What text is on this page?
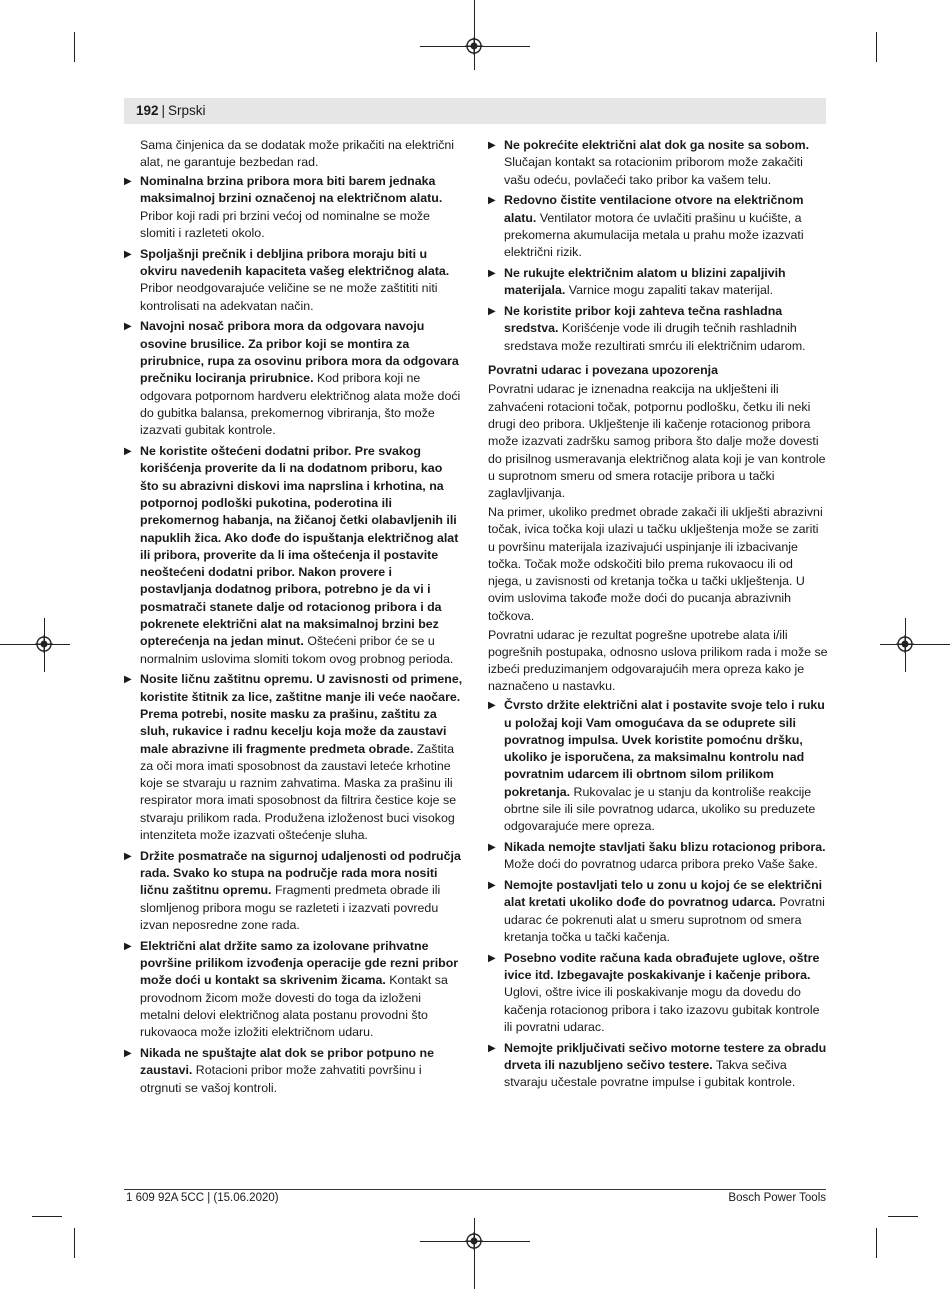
192 | Srpski
Sama činjenica da se dodatak može prikačiti na električni alat, ne garantuje bezbedan rad.
▶ Nominalna brzina pribora mora biti barem jednaka maksimalnoj brzini označenoj na električnom alatu. Pribor koji radi pri brzini većoj od nominalne se može slomiti i razleteti okolo.
▶ Spoljašnji prečnik i debljina pribora moraju biti u okviru navedenih kapaciteta vašeg električnog alata. Pribor neodgovarajuće veličine se ne može zaštititi niti kontrolisati na adekvatan način.
▶ Navojni nosač pribora mora da odgovara navoju osovine brusilice. Za pribor koji se montira za prirubnice, rupa za osovinu pribora mora da odgovara prečniku lociranja prirubnice. Kod pribora koji ne odgovara potpornom hardveru električnog alata može doći do gubitka balansa, prekomernog vibriranja, što može izazvati gubitak kontrole.
▶ Ne koristite oštećeni dodatni pribor. Pre svakog korišćenja proverite da li na dodatnom priboru, kao što su abrazivni diskovi ima naprslina i krhotina, na potpornoj podloški pukotina, poderotina ili prekomernog habanja, na žičanoj četki olabavljenih ili napuklih žica. Ako dođe do ispuštanja električnog alat ili pribora, proverite da li ima oštećenja il postavite neoštećeni dodatni pribor. Nakon provere i postavljanja dodatnog pribora, potrebno je da vi i posmatrači stanete dalje od rotacionog pribora i da pokrenete električni alat na maksimalnoj brzini bez opterećenja na jedan minut. Oštećeni pribor će se u normalnim uslovima slomiti tokom ovog probnog perioda.
▶ Nosite ličnu zaštitnu opremu. U zavisnosti od primene, koristite štitnik za lice, zaštitne manje ili veće naočare. Prema potrebi, nosite masku za prašinu, zaštitu za sluh, rukavice i radnu kecelju koja može da zaustavi male abrazivne ili fragmente predmeta obrade. Zaštita za oči mora imati sposobnost da zaustavi leteće krhotine koje se stvaraju u raznim zahvatima. Maska za prašinu ili respirator mora imati sposobnost da filtrira čestice koje se stvaraju prilikom rada. Produžena izloženost buci visokog intenziteta može izazvati oštećenje sluha.
▶ Držite posmatrače na sigurnoj udaljenosti od područja rada. Svako ko stupa na područje rada mora nositi ličnu zaštitnu opremu. Fragmenti predmeta obrade ili slomljenog pribora mogu se razleteti i izazvati povredu izvan neposredne zone rada.
▶ Električni alat držite samo za izolovane prihvatne površine prilikom izvođenja operacije gde rezni pribor može doći u kontakt sa skrivenim žicama. Kontakt sa provodnom žicom može dovesti do toga da izloženi metalni delovi električnog alata postanu provodni što rukovaoca može izložiti električnom udaru.
▶ Nikada ne spuštajte alat dok se pribor potpuno ne zaustavi. Rotacioni pribor može zahvatiti površinu i otrgnuti se vašoj kontroli.
▶ Ne pokrećite električni alat dok ga nosite sa sobom. Slučajan kontakt sa rotacionim priborom može zakačiti vašu odeću, povlačeći tako pribor ka vašem telu.
▶ Redovno čistite ventilacione otvore na električnom alatu. Ventilator motora će uvlačiti prašinu u kućište, a prekomerna akumulacija metala u prahu može izazvati električni rizik.
▶ Ne rukujte električnim alatom u blizini zapaljivih materijala. Varnice mogu zapaliti takav materijal.
▶ Ne koristite pribor koji zahteva tečna rashladna sredstva. Korišćenje vode ili drugih tečnih rashladnih sredstava može rezultirati smrću ili električnim udarom.
Povratni udarac i povezana upozorenja
Povratni udarac je iznenadna reakcija na uklješteni ili zahvaćeni rotacioni točak, potpornu podlošku, četku ili neki drugi deo pribora. Uklještenje ili kačenje rotacionog pribora može izazvati zadršku samog pribora što dalje može dovesti do prisilnog usmeravanja električnog alata koji je van kontrole u suprotnom smeru od smera rotacije pribora u tački zaglavljivanja.
Na primer, ukoliko predmet obrade zakači ili uklješti abrazivni točak, ivica točka koji ulazi u tačku uklještenja može se zariti u površinu materijala izazivajući uspinjanje ili izbacivanje točka. Točak može odskočiti bilo prema rukovaocu ili od njega, u zavisnosti od kretanja točka u tački uklještenja. U ovim uslovima takođe može doći do pucanja abrazivnih točkova.
Povratni udarac je rezultat pogrešne upotrebe alata i/ili pogrešnih postupaka, odnosno uslova prilikom rada i može se izbeći preduzimanjem odgovarajućih mera opreza kako je naznačeno u nastavku.
▶ Čvrsto držite električni alat i postavite svoje telo i ruku u položaj koji Vam omogućava da se oduprete sili povratnog impulsa. Uvek koristite pomoćnu dršku, ukoliko je isporučena, za maksimalnu kontrolu nad povratnim udarcem ili obrtnom silom prilikom pokretanja. Rukovalac je u stanju da kontroliše reakcije obrtne sile ili sile povratnog udarca, ukoliko su preduzete odgovarajuće mere opreza.
▶ Nikada nemojte stavljati šaku blizu rotacionog pribora. Može doći do povratnog udarca pribora preko Vaše šake.
▶ Nemojte postavljati telo u zonu u kojoj će se električni alat kretati ukoliko dođe do povratnog udarca. Povratni udarac će pokrenuti alat u smeru suprotnom od smera kretanja točka u tački kačenja.
▶ Posebno vodite računa kada obrađujete uglove, oštre ivice itd. Izbegavajte poskakivanje i kačenje pribora. Uglovi, oštre ivice ili poskakivanje mogu da dovedu do kačenja rotacionog pribora i tako izazovu gubitak kontrole ili povratni udarac.
▶ Nemojte priključivati sečivo motorne testere za obradu drveta ili nazubljeno sečivo testere. Takva sečiva stvaraju učestale povratne impulse i gubitak kontrole.
1 609 92A 5CC | (15.06.2020)	Bosch Power Tools
